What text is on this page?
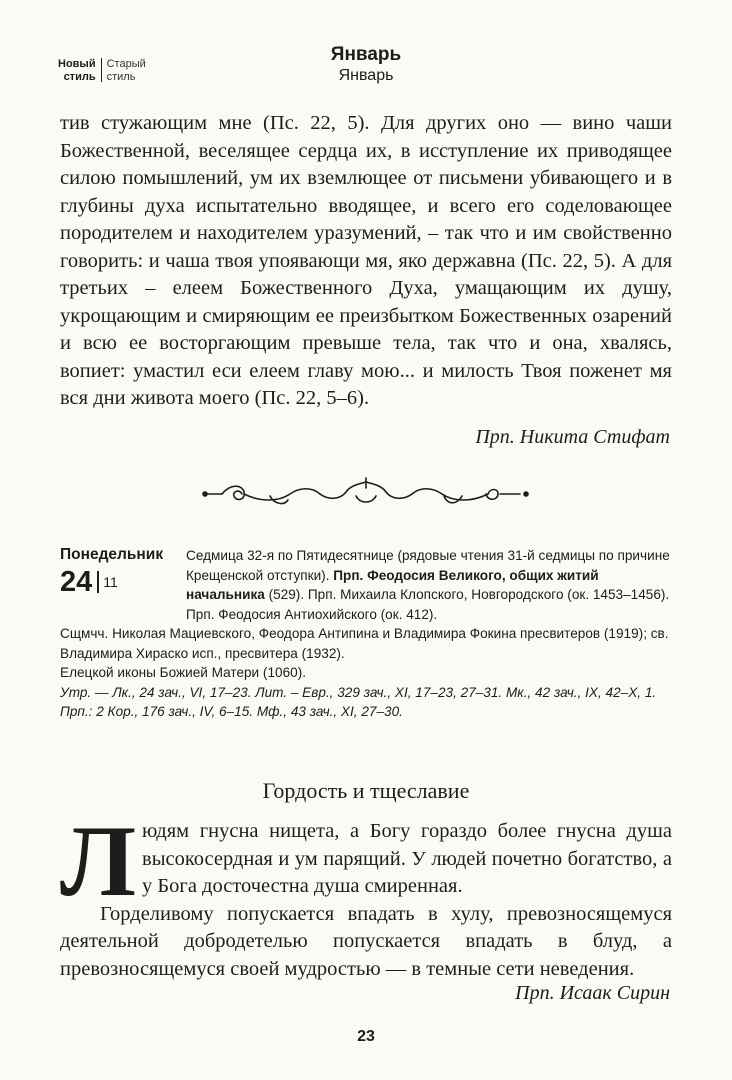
Новый
стильСтарый
стиль
Январь
Январь

тив стужающим мне (Пс. 22, 5). Для других оно — вино чаши Божественной, веселящее сердца их, в исступление их приводящее силою помышлений, ум их вземлющее от письмени убивающего и в глубины духа испытательно вводящее, и всего его соделовающее породителем и находителем уразумений, – так что и им свойственно говорить: и чаша твоя упоявающи мя, яко державна (Пс. 22, 5). А для третьих – елеем Божественного Духа, умащающим их душу, укрощающим и смиряющим ее преизбытком Божественных озарений и всю ее восторгающим превыше тела, так что и она, хвалясь, вопиет: умастил еси елеем главу мою... и милость Твоя поженет мя вся дни живота моего (Пс. 22, 5–6).

Прп. Никита Стифат
Понедельник
24 11

Седмица 32-я по Пятидесятнице (рядовые чтения 31-й седмицы по причине Крещенской отступки). Прп. Феодосия Великого, общих житий начальника (529). Прп. Михаила Клопского, Новгородского (ок. 1453–1456).

Прп. Феодосия Антиохийского (ок. 412).

Сщмчч. Николая Мациевского, Феодора Антипина и Владимира Фокина пресвитеров (1919); св. Владимира Хираско исп., пресвитера (1932).

Елецкой иконы Божией Матери (1060).

Утр. — Лк., 24 зач., VI, 17–23. Лит. – Евр., 329 зач., XI, 17–23, 27–31. Мк., 42 зач., IX, 42–X, 1. Прп.: 2 Кор., 176 зач., IV, 6–15. Мф., 43 зач., XI, 27–30.

Гордость и тщеславие

Людям гнусна нищета, а Богу гораздо более гнусна душа высокосердная и ум парящий. У людей почетно богатство, а у Бога досточестна душа смиренная.

Горделивому попускается впадать в хулу, превозносящемуся деятельной добродетелью попускается впадать в блуд, а превозносящемуся своей мудростью — в темные сети неведения.

Прп. Исаак Сирин
23
